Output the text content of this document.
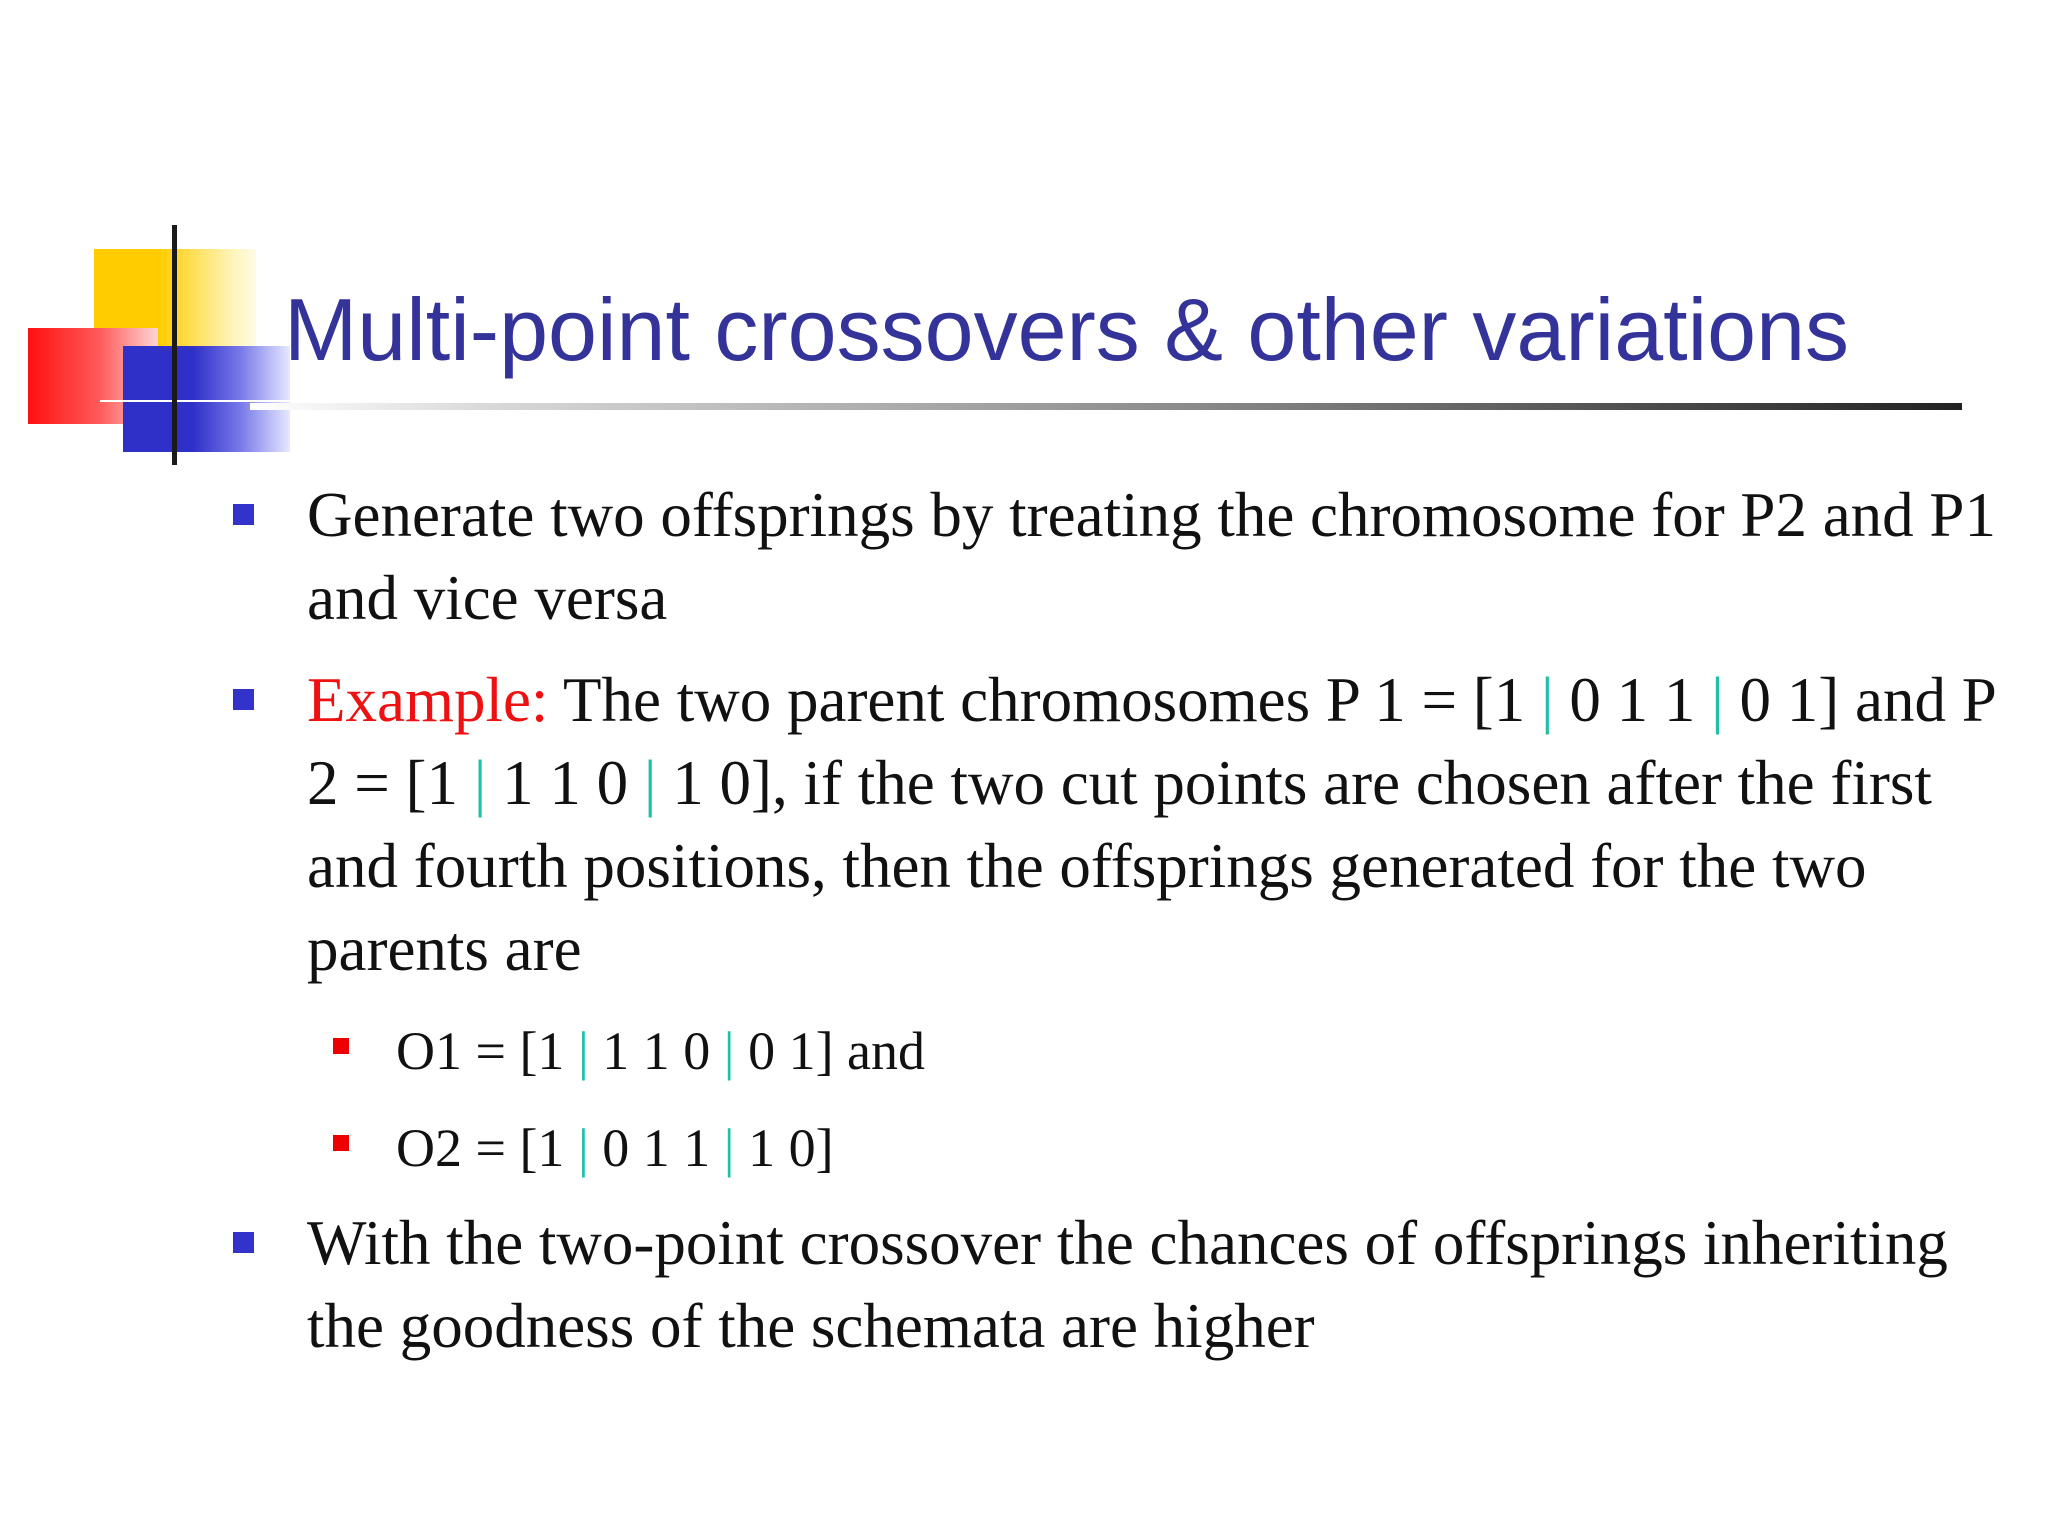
Multi-point crossovers & other variations

Generate two offsprings by treating the chromosome for P2 and P1 and vice versa

Example: The two parent chromosomes P 1 = [1 | 0 1 1 | 0 1] and P 2 = [1 | 1 1 0 | 1 0], if the two cut points are chosen after the first and fourth positions, then the offsprings generated for the two parents are

O1 = [1 | 1 1 0 | 0 1] and
O2 = [1 | 0 1 1 | 1 0]

With the two-point crossover the chances of offsprings inheriting the goodness of the schemata are higher
